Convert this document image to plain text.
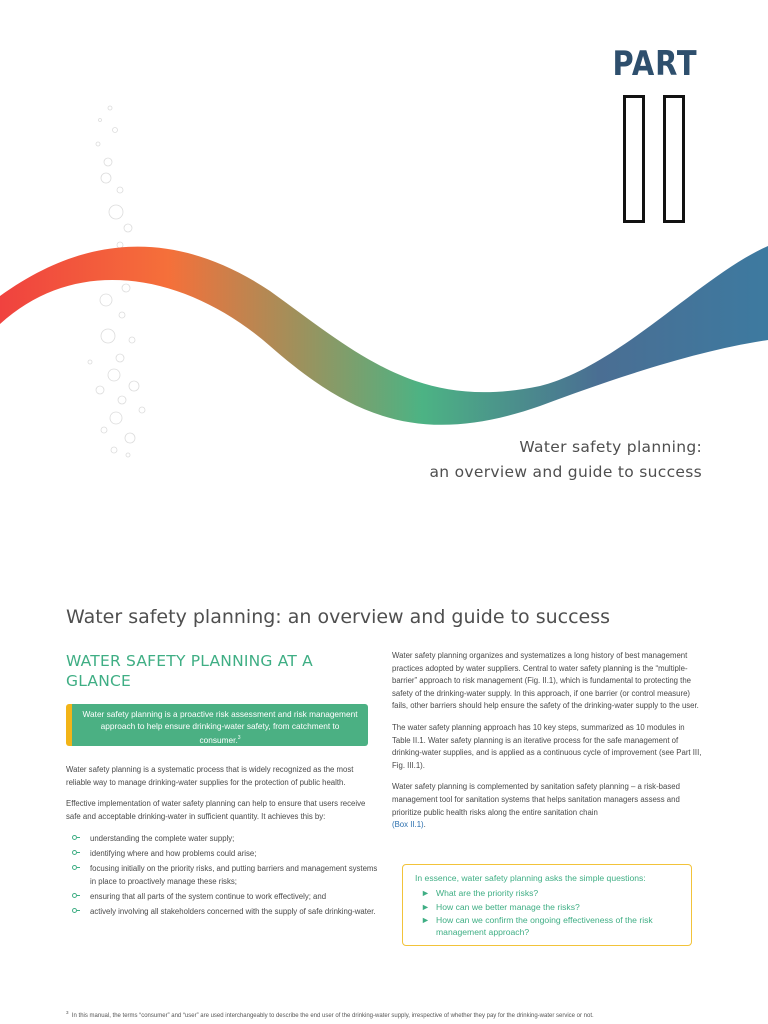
PART
Water safety planning:
an overview and guide to success
Water safety planning: an overview and guide to success
WATER SAFETY PLANNING AT A GLANCE
Water safety planning is a proactive risk assessment and risk management approach to help ensure drinking-water safety, from catchment to consumer.$^3$

Water safety planning is a systematic process that is widely recognized as the most reliable way to manage drinking-water supplies for the protection of public health.

Effective implementation of water safety planning can help to ensure that users receive safe and acceptable drinking-water in sufficient quantity. It achieves this by:

understanding the complete water supply;
identifying where and how problems could arise;
focusing initially on the priority risks, and putting barriers and management systems in place to proactively manage these risks;
ensuring that all parts of the system continue to work effectively; and
actively involving all stakeholders concerned with the supply of safe drinking-water.

Water safety planning organizes and systematizes a long history of best management practices adopted by water suppliers. Central to water safety planning is the “multiple-barrier” approach to risk management (Fig. II.1), which is fundamental to protecting the safety of the drinking-water supply. In this approach, if one barrier (or control measure) fails, other barriers should help ensure the safety of the drinking-water supply to the user.

The water safety planning approach has 10 key steps, summarized as 10 modules in Table II.1. Water safety planning is an iterative process for the safe management of drinking-water supplies, and is applied as a continuous cycle of improvement (see Part III, Fig. III.1).

Water safety planning is complemented by sanitation safety planning – a risk-based management tool for sanitation systems that helps sanitation managers assess and prioritize public health risks along the entire sanitation chain
(Box II.1).

In essence, water safety planning asks the simple questions:
► What are the priority risks?
► How can we better manage the risks?
► How can we confirm the ongoing effectiveness of the risk management approach?
$^3$  In this manual, the terms “consumer” and “user” are used interchangeably to describe the end user of the drinking-water supply, irrespective of whether they pay for the drinking-water service or not.
